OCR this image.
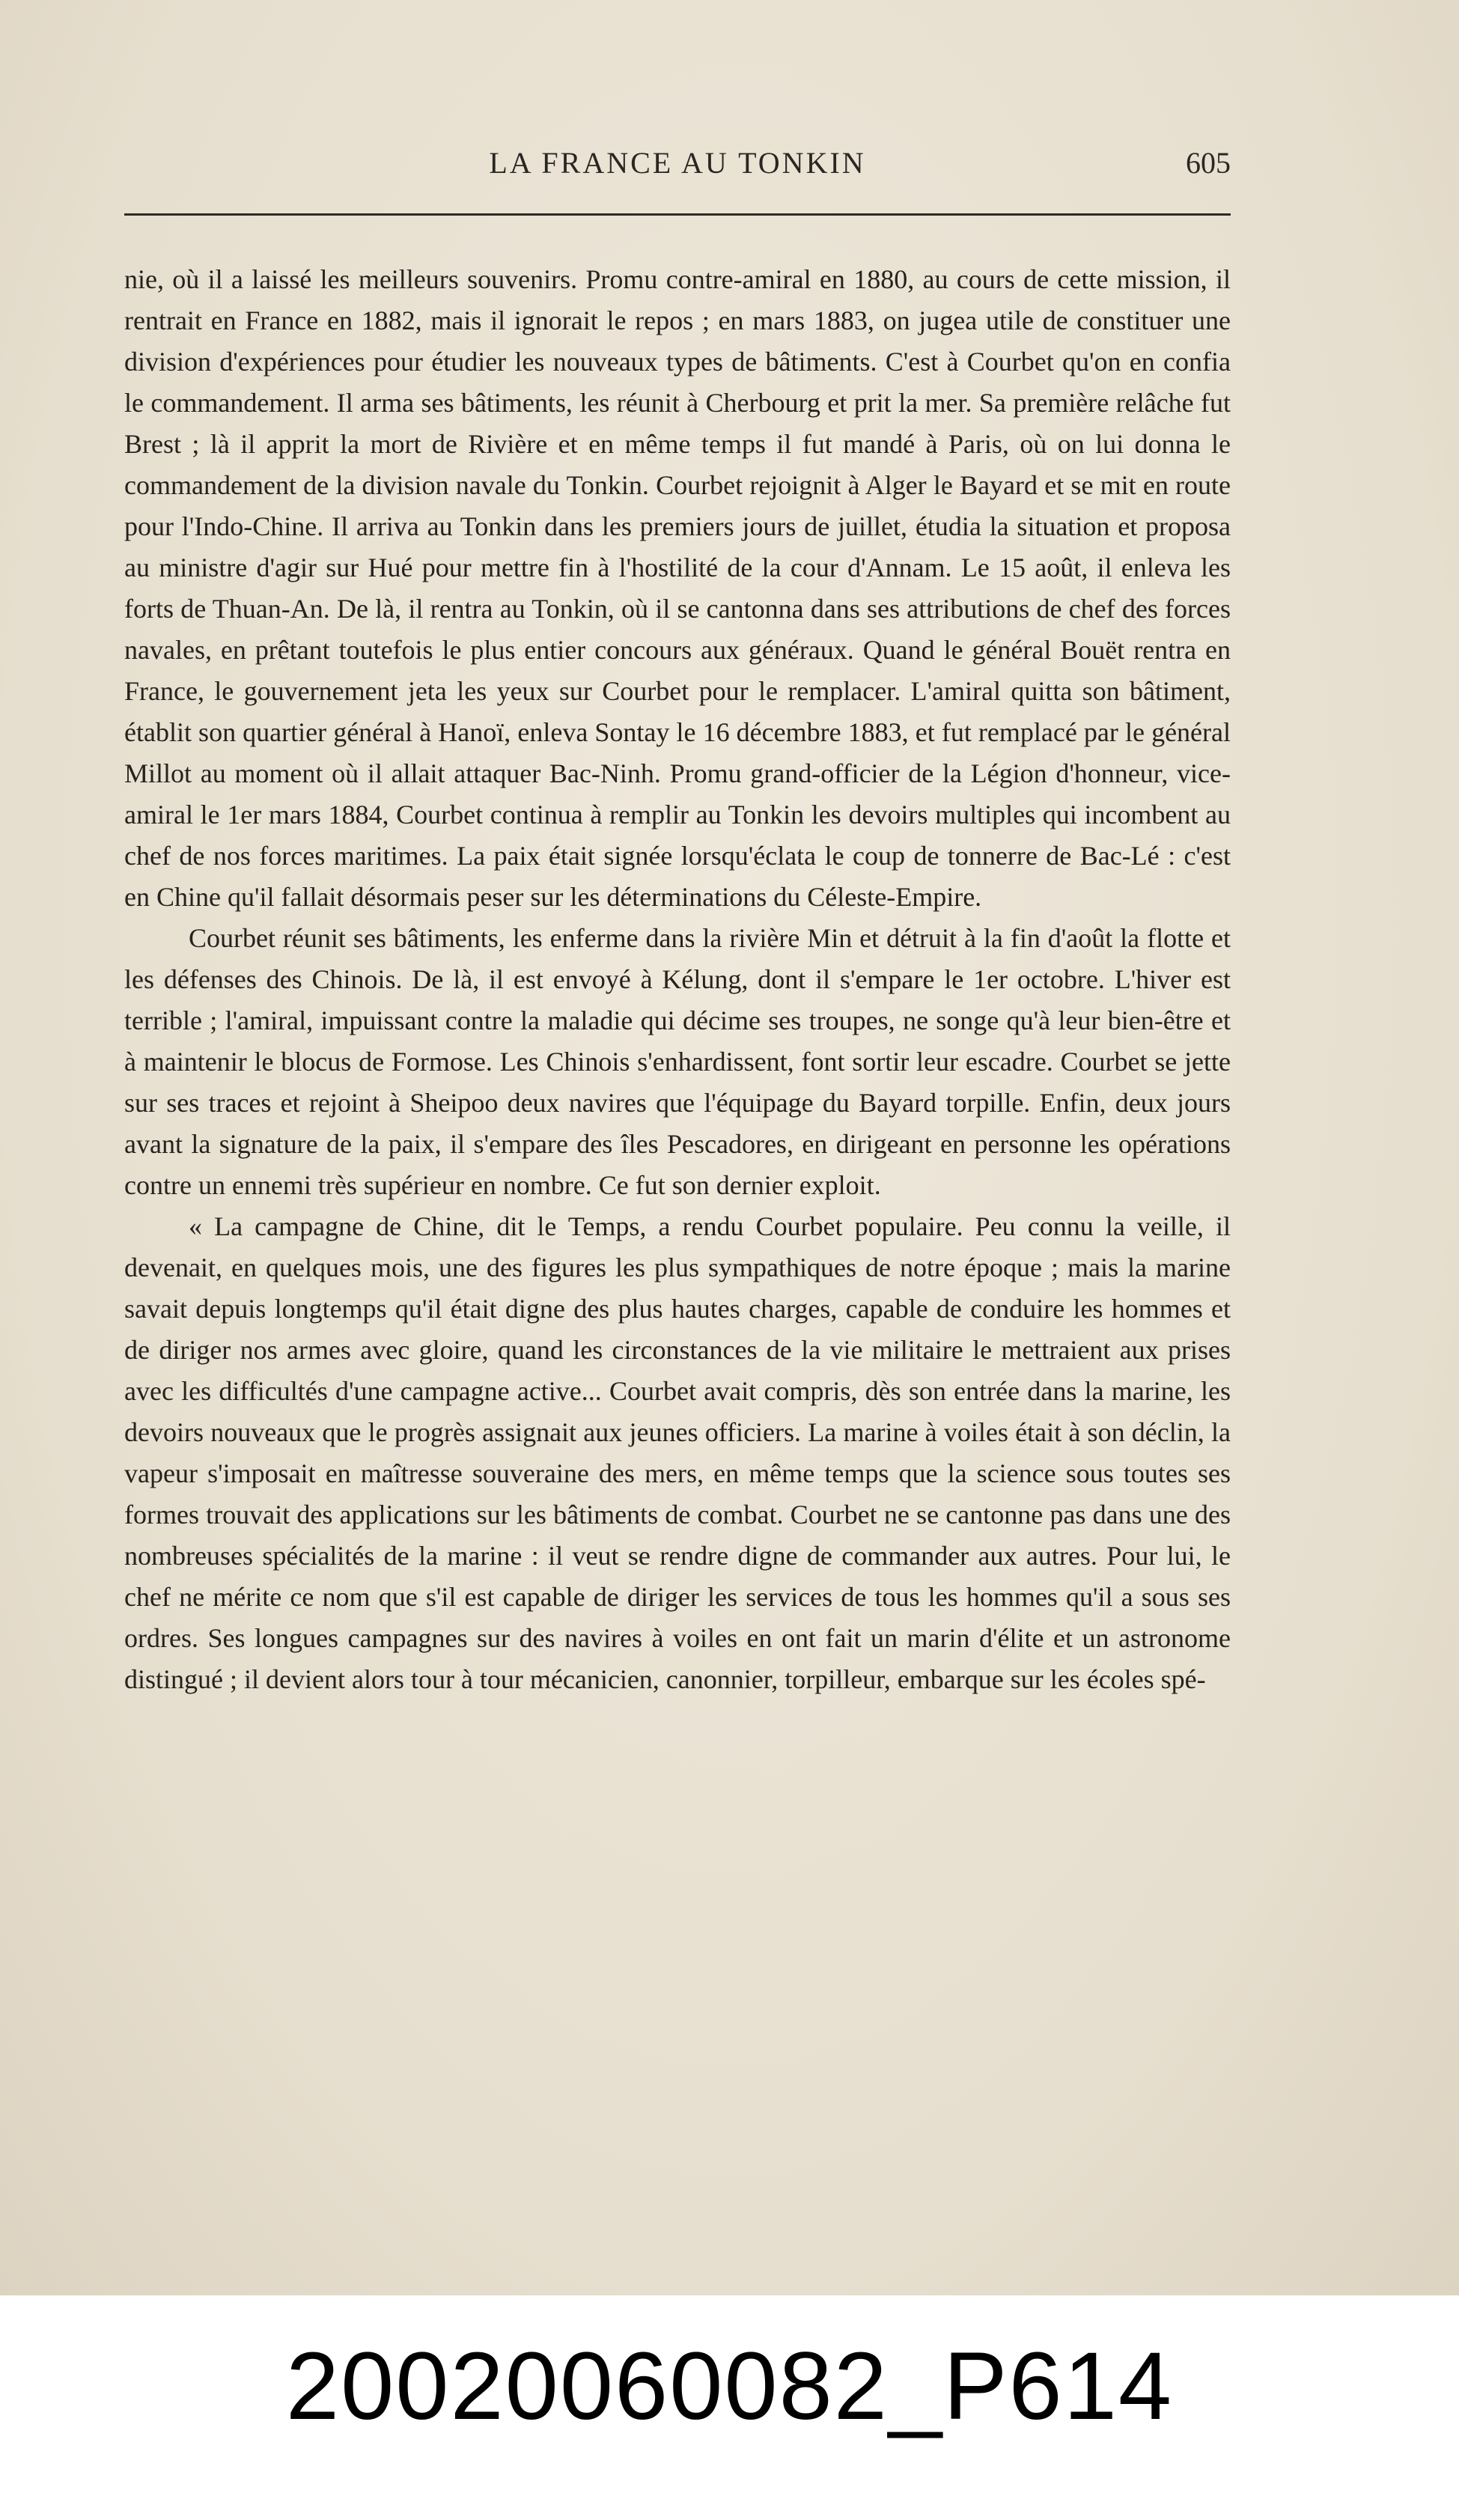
LA FRANCE AU TONKIN	605

nie, où il a laissé les meilleurs souvenirs. Promu contre-amiral en 1880, au cours de cette mission, il rentrait en France en 1882, mais il ignorait le repos ; en mars 1883, on jugea utile de constituer une division d'expériences pour étudier les nouveaux types de bâtiments. C'est à Courbet qu'on en confia le commandement. Il arma ses bâtiments, les réunit à Cherbourg et prit la mer. Sa première relâche fut Brest ; là il apprit la mort de Rivière et en même temps il fut mandé à Paris, où on lui donna le commandement de la division navale du Tonkin. Courbet rejoignit à Alger le Bayard et se mit en route pour l'Indo-Chine. Il arriva au Tonkin dans les premiers jours de juillet, étudia la situation et proposa au ministre d'agir sur Hué pour mettre fin à l'hostilité de la cour d'Annam. Le 15 août, il enleva les forts de Thuan-An. De là, il rentra au Tonkin, où il se cantonna dans ses attributions de chef des forces navales, en prêtant toutefois le plus entier concours aux généraux. Quand le général Bouët rentra en France, le gouvernement jeta les yeux sur Courbet pour le remplacer. L'amiral quitta son bâtiment, établit son quartier général à Hanoï, enleva Sontay le 16 décembre 1883, et fut remplacé par le général Millot au moment où il allait attaquer Bac-Ninh. Promu grand-officier de la Légion d'honneur, vice-amiral le 1er mars 1884, Courbet continua à remplir au Tonkin les devoirs multiples qui incombent au chef de nos forces maritimes. La paix était signée lorsqu'éclata le coup de tonnerre de Bac-Lé : c'est en Chine qu'il fallait désormais peser sur les déterminations du Céleste-Empire.

Courbet réunit ses bâtiments, les enferme dans la rivière Min et détruit à la fin d'août la flotte et les défenses des Chinois. De là, il est envoyé à Kélung, dont il s'empare le 1er octobre. L'hiver est terrible ; l'amiral, impuissant contre la maladie qui décime ses troupes, ne songe qu'à leur bien-être et à maintenir le blocus de Formose. Les Chinois s'enhardissent, font sortir leur escadre. Courbet se jette sur ses traces et rejoint à Sheipoo deux navires que l'équipage du Bayard torpille. Enfin, deux jours avant la signature de la paix, il s'empare des îles Pescadores, en dirigeant en personne les opérations contre un ennemi très supérieur en nombre. Ce fut son dernier exploit.

« La campagne de Chine, dit le Temps, a rendu Courbet populaire. Peu connu la veille, il devenait, en quelques mois, une des figures les plus sympathiques de notre époque ; mais la marine savait depuis longtemps qu'il était digne des plus hautes charges, capable de conduire les hommes et de diriger nos armes avec gloire, quand les circonstances de la vie militaire le mettraient aux prises avec les difficultés d'une campagne active... Courbet avait compris, dès son entrée dans la marine, les devoirs nouveaux que le progrès assignait aux jeunes officiers. La marine à voiles était à son déclin, la vapeur s'imposait en maîtresse souveraine des mers, en même temps que la science sous toutes ses formes trouvait des applications sur les bâtiments de combat. Courbet ne se cantonne pas dans une des nombreuses spécialités de la marine : il veut se rendre digne de commander aux autres. Pour lui, le chef ne mérite ce nom que s'il est capable de diriger les services de tous les hommes qu'il a sous ses ordres. Ses longues campagnes sur des navires à voiles en ont fait un marin d'élite et un astronome distingué ; il devient alors tour à tour mécanicien, canonnier, torpilleur, embarque sur les écoles spé-

20020060082_P614
